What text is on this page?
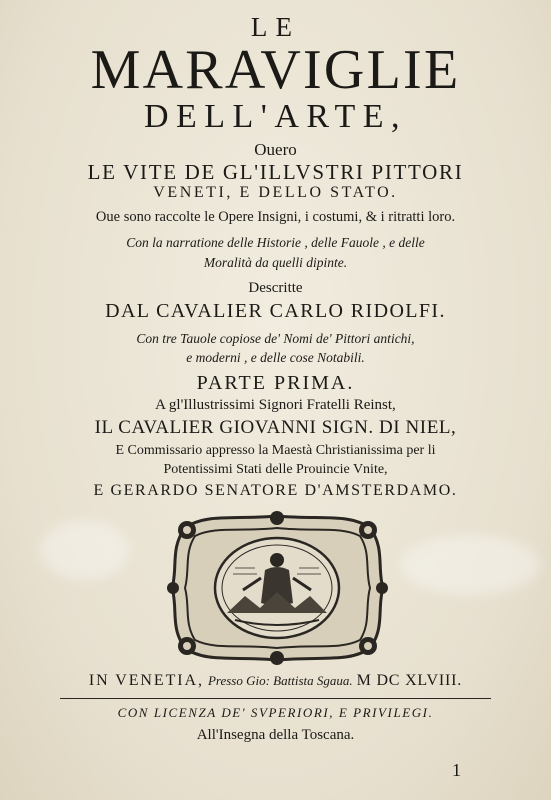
LE
MARAVIGLIE
DELL'ARTE,
Ouero
LE VITE DE GL'ILLVSTRI PITTORI
VENETI, E DELLO STATO.
Oue sono raccolte le Opere Insigni, i costumi, & i ritratti loro.
Con la narratione delle Historie , delle Fauole , e delle
Moralità da quelli dipinte.
Descritte
DAL CAVALIER CARLO RIDOLFI.
Con tre Tauole copiose de' Nomi de' Pittori antichi,
e moderni , e delle cose Notabili.
PARTE PRIMA.
A gl'Illustrissimi Signori Fratelli Reinst,
IL CAVALIER GIOVANNI SIGN. DI NIEL,
E Commissario appresso la Maestà Christianissima per li
Potentissimi Stati delle Prouincie Vnite,
E GERARDO SENATORE D'AMSTERDAMO.
IN VENETIA, Presso Gio: Battista Sgaua. M DC XLVIII.
CON LICENZA DE' SVPERIORI, E PRIVILEGI.
All'Insegna della Toscana.
1
